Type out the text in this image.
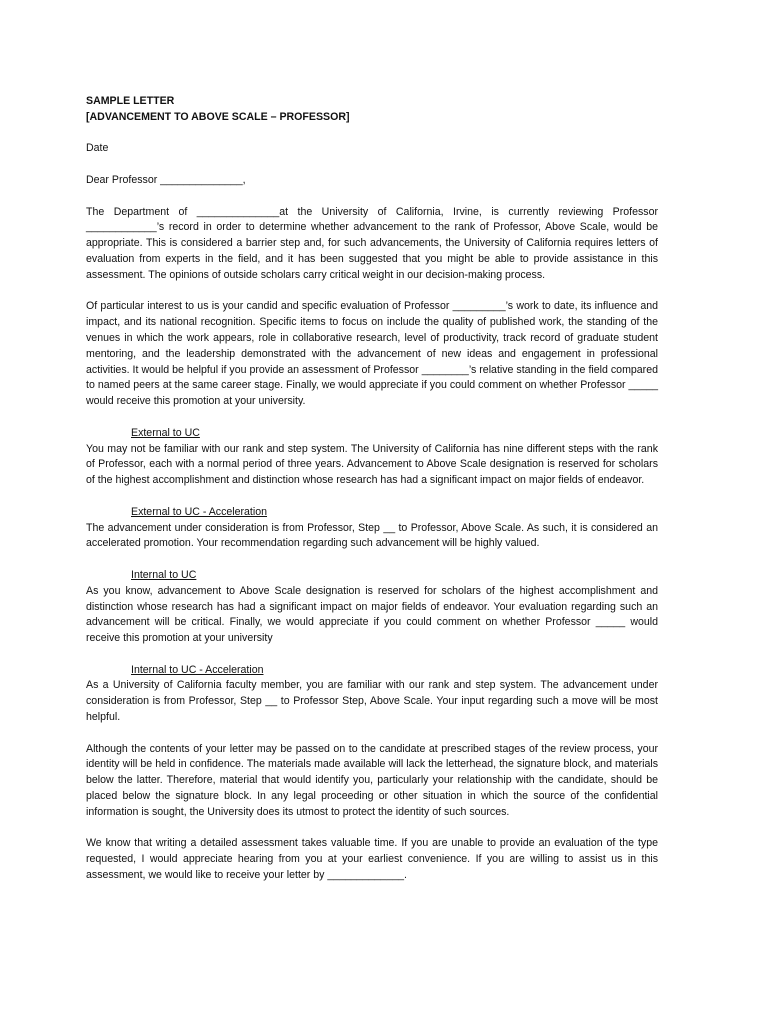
SAMPLE LETTER
[ADVANCEMENT TO ABOVE SCALE – PROFESSOR]
Date
Dear Professor ______________,

The Department of ______________at the University of California, Irvine, is currently reviewing Professor ____________’s record in order to determine whether advancement to the rank of Professor, Above Scale, would be appropriate. This is considered a barrier step and, for such advancements, the University of California requires letters of evaluation from experts in the field, and it has been suggested that you might be able to provide assistance in this assessment. The opinions of outside scholars carry critical weight in our decision-making process.

Of particular interest to us is your candid and specific evaluation of Professor _________’s work to date, its influence and impact, and its national recognition. Specific items to focus on include the quality of published work, the standing of the venues in which the work appears, role in collaborative research, level of productivity, track record of graduate student mentoring, and the leadership demonstrated with the advancement of new ideas and engagement in professional activities. It would be helpful if you provide an assessment of Professor ________’s relative standing in the field compared to named peers at the same career stage. Finally, we would appreciate if you could comment on whether Professor _____ would receive this promotion at your university.

External to UC

You may not be familiar with our rank and step system. The University of California has nine different steps with the rank of Professor, each with a normal period of three years. Advancement to Above Scale designation is reserved for scholars of the highest accomplishment and distinction whose research has had a significant impact on major fields of endeavor.

External to UC - Acceleration

The advancement under consideration is from Professor, Step __ to Professor, Above Scale. As such, it is considered an accelerated promotion. Your recommendation regarding such advancement will be highly valued.

Internal to UC

As you know, advancement to Above Scale designation is reserved for scholars of the highest accomplishment and distinction whose research has had a significant impact on major fields of endeavor. Your evaluation regarding such an advancement will be critical. Finally, we would appreciate if you could comment on whether Professor _____ would receive this promotion at your university

Internal to UC - Acceleration

As a University of California faculty member, you are familiar with our rank and step system. The advancement under consideration is from Professor, Step __ to Professor Step, Above Scale. Your input regarding such a move will be most helpful.

Although the contents of your letter may be passed on to the candidate at prescribed stages of the review process, your identity will be held in confidence. The materials made available will lack the letterhead, the signature block, and materials below the latter. Therefore, material that would identify you, particularly your relationship with the candidate, should be placed below the signature block. In any legal proceeding or other situation in which the source of the confidential information is sought, the University does its utmost to protect the identity of such sources.

We know that writing a detailed assessment takes valuable time. If you are unable to provide an evaluation of the type requested, I would appreciate hearing from you at your earliest convenience. If you are willing to assist us in this assessment, we would like to receive your letter by _____________.
